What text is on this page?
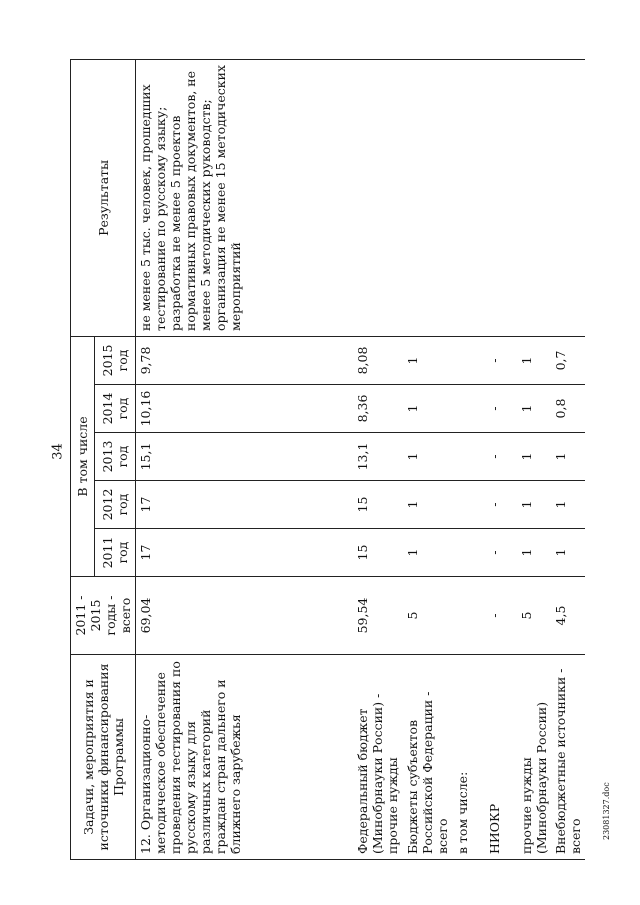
34
23081327.doc
Задачи, мероприятия и источники финансирования Программы	2011 - 2015 годы - всего	В том числе					Результаты
		2011 год	2012 год	2013 год	2014 год	2015 год	
12. Организационно-методическое обеспечение проведения тестирования по русскому языку для различных категорий граждан стран дальнего и ближнего зарубежья	69,04	17	17	15,1	10,16	9,78	не менее 5 тыс. человек, прошедших тестирование по русскому языку; разработка не менее 5 проектов нормативных правовых документов, не менее 5 методических руководств; организация не менее 15 методических мероприятий
Федеральный бюджет (Минобрнауки России) - прочие нужды	59,54	15	15	13,1	8,36	8,08	
Бюджеты субъектов Российской Федерации - всего	5	1	1	1	1	1	
в том числе:							
НИОКР	-	-	-	-	-	-	
прочие нужды (Минобрнауки России)	5	1	1	1	1	1	
Внебюджетные источники - всего	4,5	1	1	1	0,8	0,7	
